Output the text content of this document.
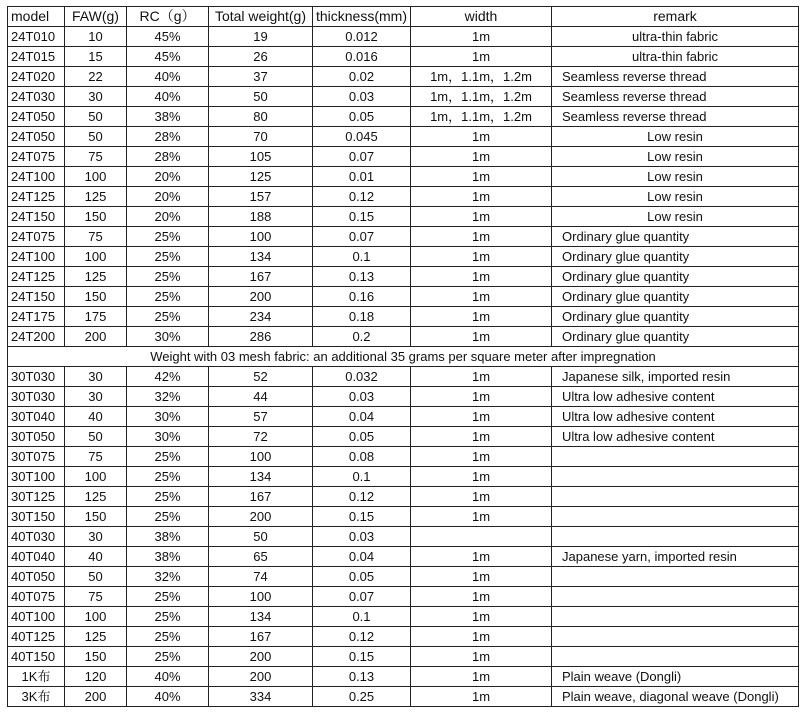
model	FAW(g)	RC（g）	Total weight(g)	thickness(mm)	width	remark
24T010	10	45%	19	0.012	1m	ultra-thin fabric
24T015	15	45%	26	0.016	1m	ultra-thin fabric
24T020	22	40%	37	0.02	1m，1.1m，1.2m	Seamless reverse thread
24T030	30	40%	50	0.03	1m，1.1m，1.2m	Seamless reverse thread
24T050	50	38%	80	0.05	1m，1.1m，1.2m	Seamless reverse thread
24T050	50	28%	70	0.045	1m	Low resin
24T075	75	28%	105	0.07	1m	Low resin
24T100	100	20%	125	0.01	1m	Low resin
24T125	125	20%	157	0.12	1m	Low resin
24T150	150	20%	188	0.15	1m	Low resin
24T075	75	25%	100	0.07	1m	Ordinary glue quantity
24T100	100	25%	134	0.1	1m	Ordinary glue quantity
24T125	125	25%	167	0.13	1m	Ordinary glue quantity
24T150	150	25%	200	0.16	1m	Ordinary glue quantity
24T175	175	25%	234	0.18	1m	Ordinary glue quantity
24T200	200	30%	286	0.2	1m	Ordinary glue quantity
Weight with 03 mesh fabric: an additional 35 grams per square meter after impregnation						
30T030	30	42%	52	0.032	1m	Japanese silk, imported resin
30T030	30	32%	44	0.03	1m	Ultra low adhesive content
30T040	40	30%	57	0.04	1m	Ultra low adhesive content
30T050	50	30%	72	0.05	1m	Ultra low adhesive content
30T075	75	25%	100	0.08	1m	
30T100	100	25%	134	0.1	1m	
30T125	125	25%	167	0.12	1m	
30T150	150	25%	200	0.15	1m	
40T030	30	38%	50	0.03		
40T040	40	38%	65	0.04	1m	Japanese yarn, imported resin
40T050	50	32%	74	0.05	1m	
40T075	75	25%	100	0.07	1m	
40T100	100	25%	134	0.1	1m	
40T125	125	25%	167	0.12	1m	
40T150	150	25%	200	0.15	1m	
1K布	120	40%	200	0.13	1m	Plain weave (Dongli)
3K布	200	40%	334	0.25	1m	Plain weave, diagonal weave (Dongli)
